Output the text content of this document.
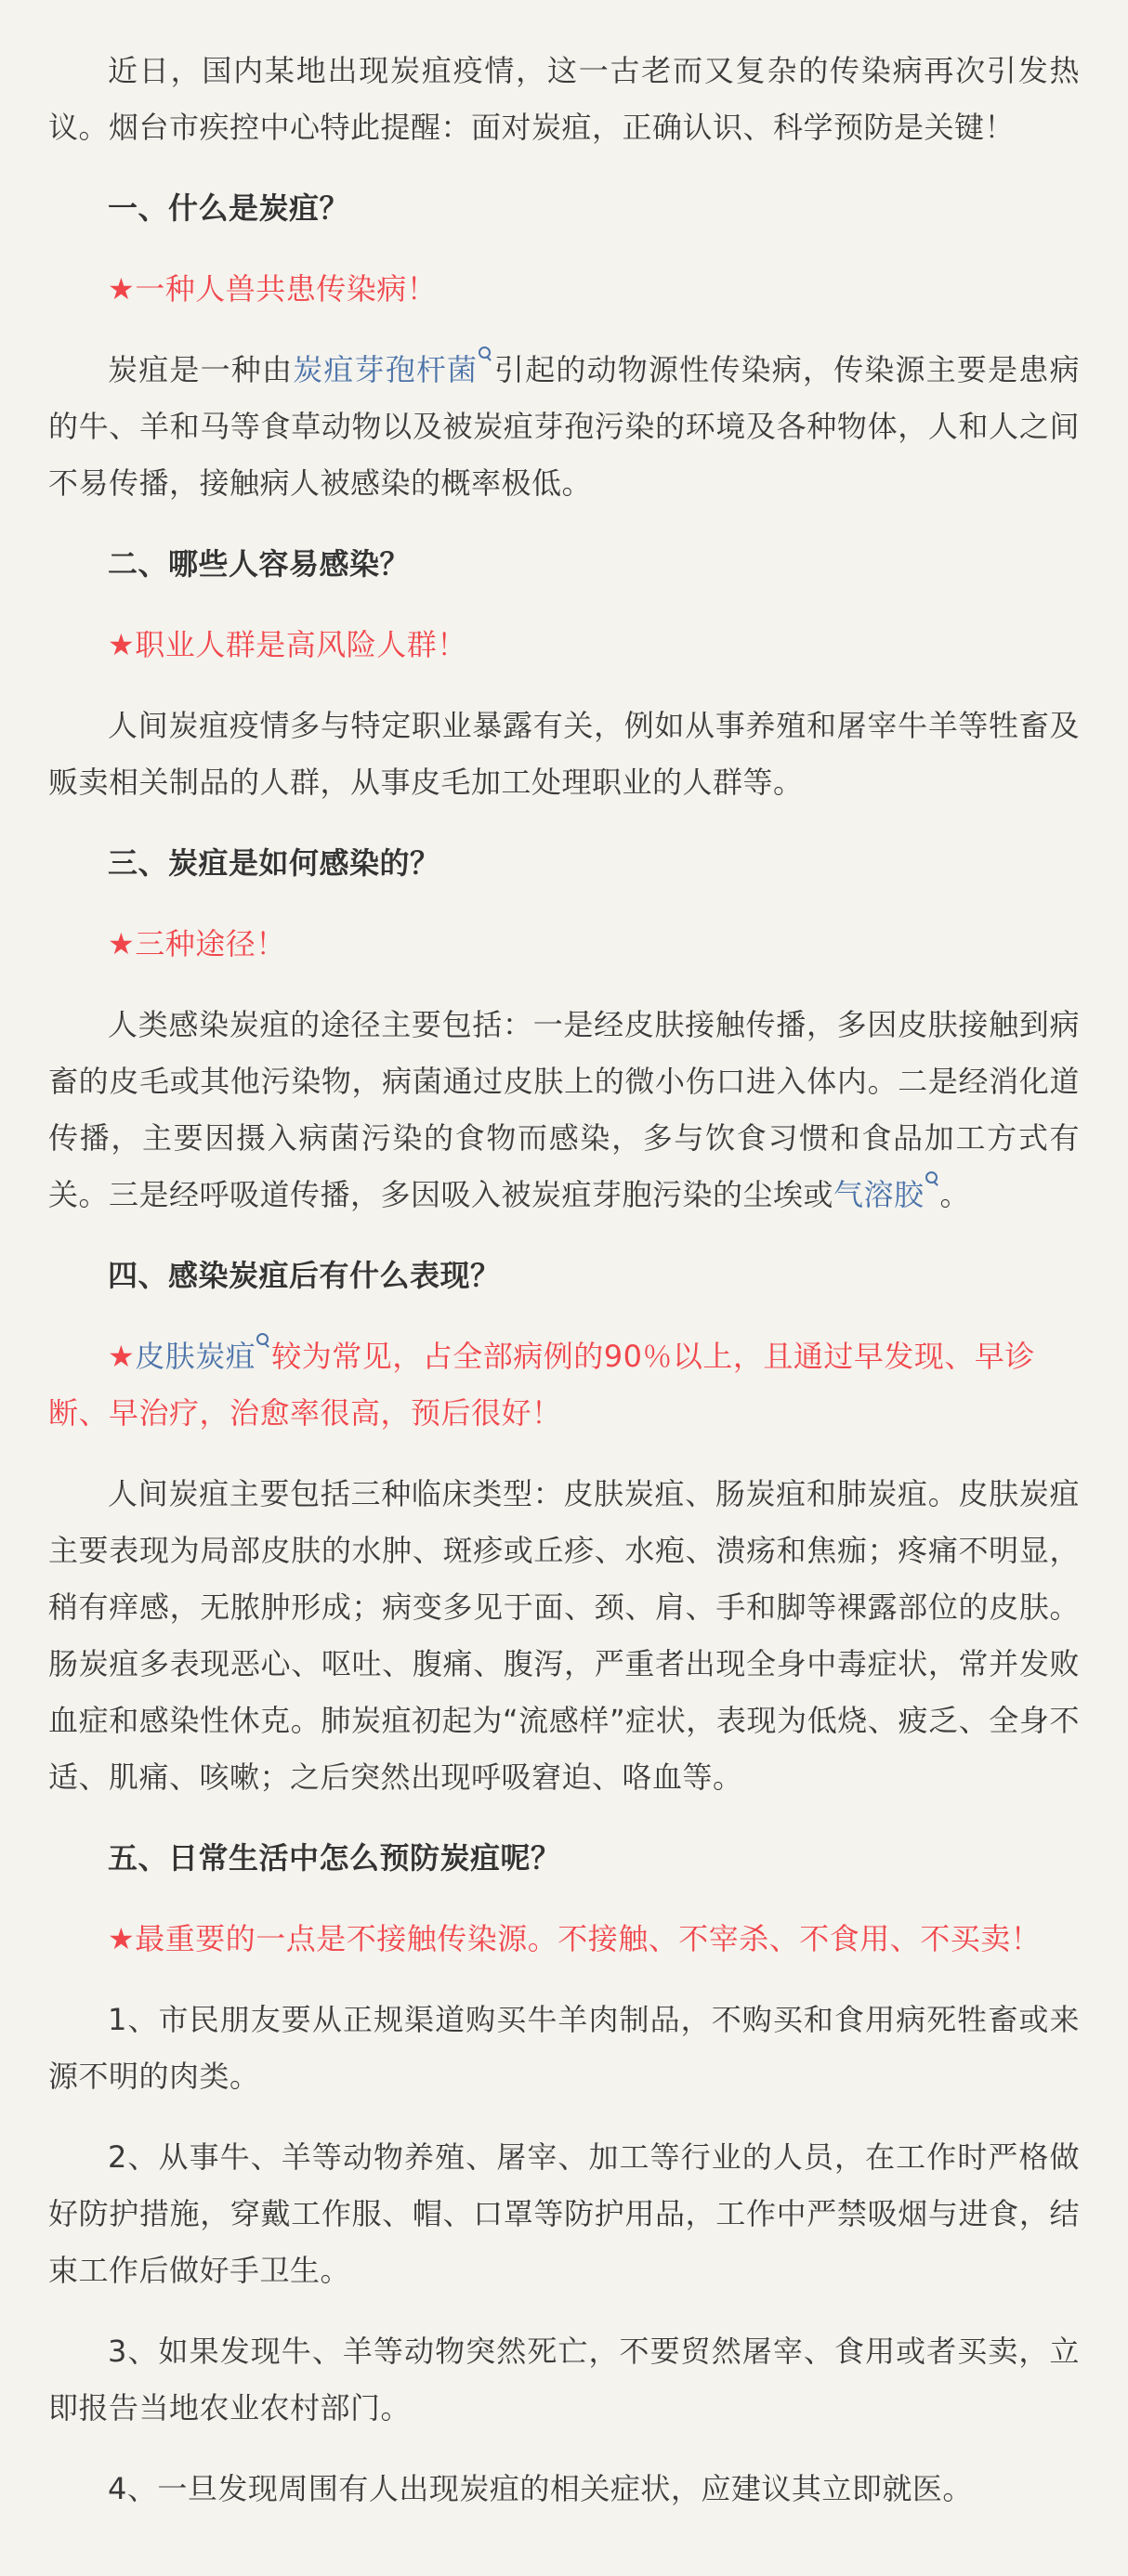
近日，国内某地出现炭疽疫情，这一古老而又复杂的传染病再次引发热议。烟台市疾控中心特此提醒：面对炭疽，正确认识、科学预防是关键！

一、什么是炭疽？

★一种人兽共患传染病！

炭疽是一种由炭疽芽孢杆菌 引起的动物源性传染病，传染源主要是患病的牛、羊和马等食草动物以及被炭疽芽孢污染的环境及各种物体，人和人之间不易传播，接触病人被感染的概率极低。

二、哪些人容易感染？

★职业人群是高风险人群！

人间炭疽疫情多与特定职业暴露有关，例如从事养殖和屠宰牛羊等牲畜及贩卖相关制品的人群，从事皮毛加工处理职业的人群等。

三、炭疽是如何感染的？

★三种途径！

人类感染炭疽的途径主要包括：一是经皮肤接触传播，多因皮肤接触到病畜的皮毛或其他污染物，病菌通过皮肤上的微小伤口进入体内。二是经消化道传播，主要因摄入病菌污染的食物而感染，多与饮食习惯和食品加工方式有关。三是经呼吸道传播，多因吸入被炭疽芽胞污染的尘埃或气溶胶 。

四、感染炭疽后有什么表现？

★皮肤炭疽 较为常见，占全部病例的90％以上，且通过早发现、早诊断、早治疗，治愈率很高，预后很好！

人间炭疽主要包括三种临床类型：皮肤炭疽、肠炭疽和肺炭疽。皮肤炭疽主要表现为局部皮肤的水肿、斑疹或丘疹、水疱、溃疡和焦痂；疼痛不明显，稍有痒感，无脓肿形成；病变多见于面、颈、肩、手和脚等裸露部位的皮肤。肠炭疽多表现恶心、呕吐、腹痛、腹泻，严重者出现全身中毒症状，常并发败血症和感染性休克。肺炭疽初起为“流感样”症状，表现为低烧、疲乏、全身不适、肌痛、咳嗽；之后突然出现呼吸窘迫、咯血等。

五、日常生活中怎么预防炭疽呢？

★最重要的一点是不接触传染源。不接触、不宰杀、不食用、不买卖！

1、市民朋友要从正规渠道购买牛羊肉制品，不购买和食用病死牲畜或来源不明的肉类。

2、从事牛、羊等动物养殖、屠宰、加工等行业的人员，在工作时严格做好防护措施，穿戴工作服、帽、口罩等防护用品，工作中严禁吸烟与进食，结束工作后做好手卫生。

3、如果发现牛、羊等动物突然死亡，不要贸然屠宰、食用或者买卖，立即报告当地农业农村部门。

4、一旦发现周围有人出现炭疽的相关症状，应建议其立即就医。
